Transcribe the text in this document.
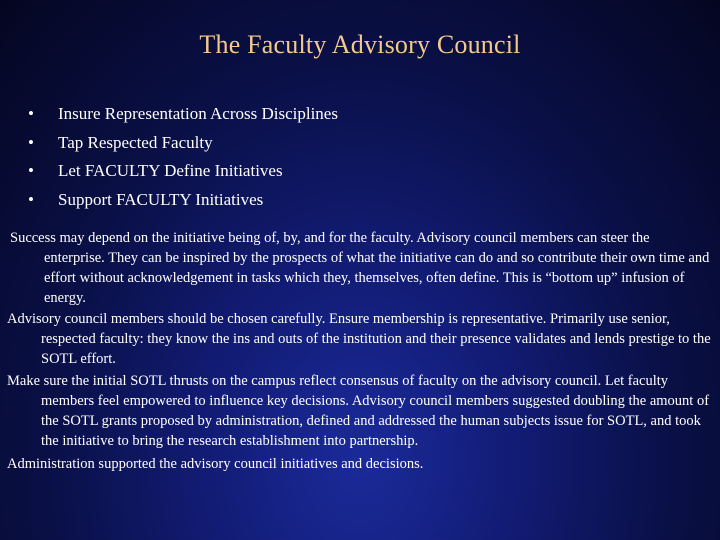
The Faculty Advisory Council
•	Insure Representation Across Disciplines
•	Tap Respected Faculty
•	Let FACULTY Define Initiatives
•	Support FACULTY Initiatives
Success may depend on the initiative being of, by, and for the faculty. Advisory council members can steer the enterprise. They can be inspired by the prospects of what the initiative can do and so contribute their own time and effort without acknowledgement in tasks which they, themselves, often define. This is “bottom up” infusion of energy.
Advisory council members should be chosen carefully. Ensure membership is representative. Primarily use senior, respected faculty: they know the ins and outs of the institution and their presence validates and lends prestige to the SOTL effort.
Make sure the initial SOTL thrusts on the campus reflect consensus of faculty on the advisory council. Let faculty members feel empowered to influence key decisions. Advisory council members suggested doubling the amount of the SOTL grants proposed by administration, defined and addressed the human subjects issue for SOTL, and took the initiative to bring the research establishment into partnership.
Administration supported the advisory council initiatives and decisions.
